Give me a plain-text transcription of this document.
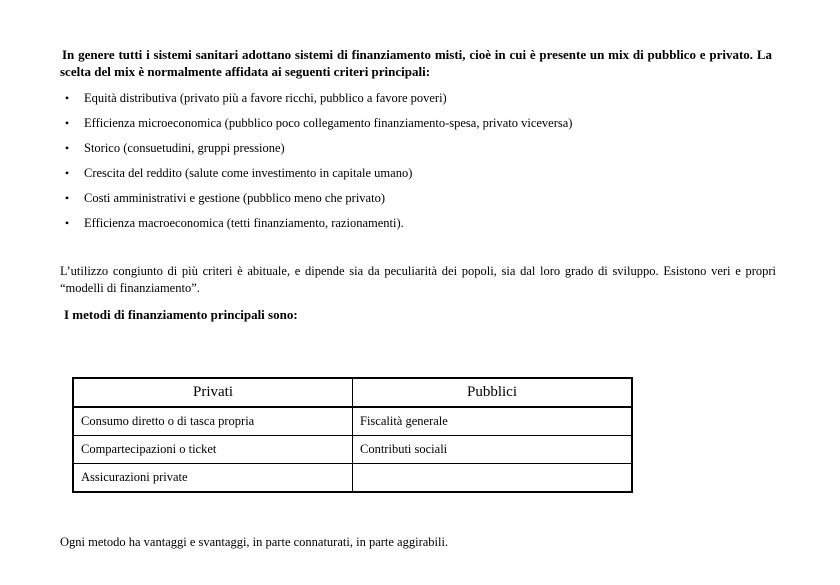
In genere tutti i sistemi sanitari adottano sistemi di finanziamento misti, cioè in cui è presente un mix di pubblico e privato. La scelta del mix è normalmente affidata ai seguenti criteri principali:

•	Equità distributiva (privato più a favore ricchi, pubblico a favore poveri)
•	Efficienza microeconomica (pubblico poco collegamento finanziamento-spesa, privato viceversa)
•	Storico (consuetudini, gruppi pressione)
•	Crescita del reddito (salute come investimento in capitale umano)
•	Costi amministrativi e gestione (pubblico meno che privato)
•	Efficienza macroeconomica (tetti finanziamento, razionamenti).

L’utilizzo congiunto di più criteri è abituale, e dipende sia da peculiarità dei popoli, sia dal loro grado di sviluppo. Esistono veri e propri “modelli di finanziamento”.

I metodi di finanziamento principali sono:

Privati	Pubblici
Consumo diretto o di tasca propria	Fiscalità generale
Compartecipazioni o ticket	Contributi sociali
Assicurazioni private	

Ogni metodo ha vantaggi e svantaggi, in parte connaturati, in parte aggirabili.
